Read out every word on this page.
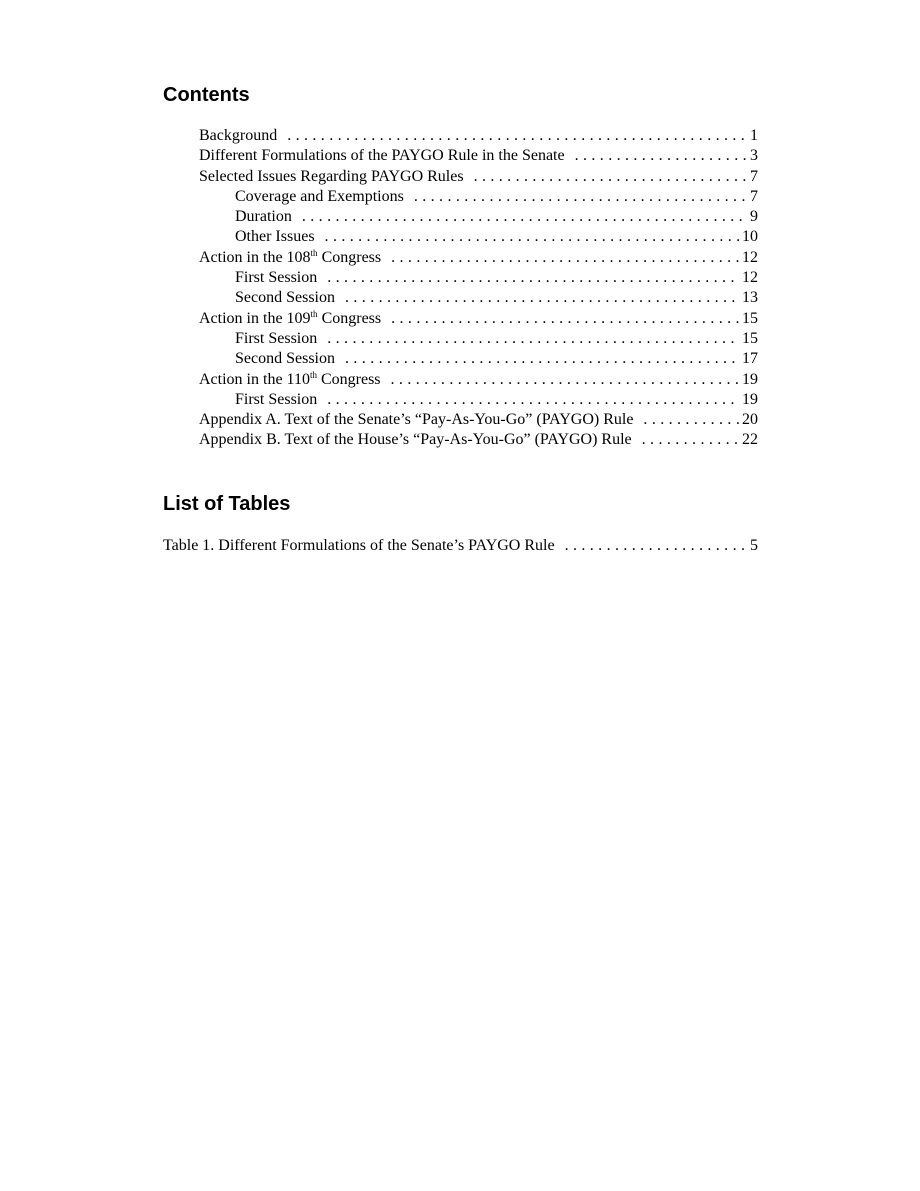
Contents
Background . . .	1
Different Formulations of the PAYGO Rule in the Senate . . .	3
Selected Issues Regarding PAYGO Rules . . .	7
Coverage and Exemptions . . .	7
Duration . . .	9
Other Issues . . .	10
Action in the 108th Congress . . .	12
First Session . . .	12
Second Session . . .	13
Action in the 109th Congress . . .	15
First Session . . .	15
Second Session . . .	17
Action in the 110th Congress . . .	19
First Session . . .	19
Appendix A. Text of the Senate’s “Pay-As-You-Go” (PAYGO) Rule . . .	20
Appendix B. Text of the House’s “Pay-As-You-Go” (PAYGO) Rule . . .	22
List of Tables
Table 1. Different Formulations of the Senate’s PAYGO Rule . . .	5
